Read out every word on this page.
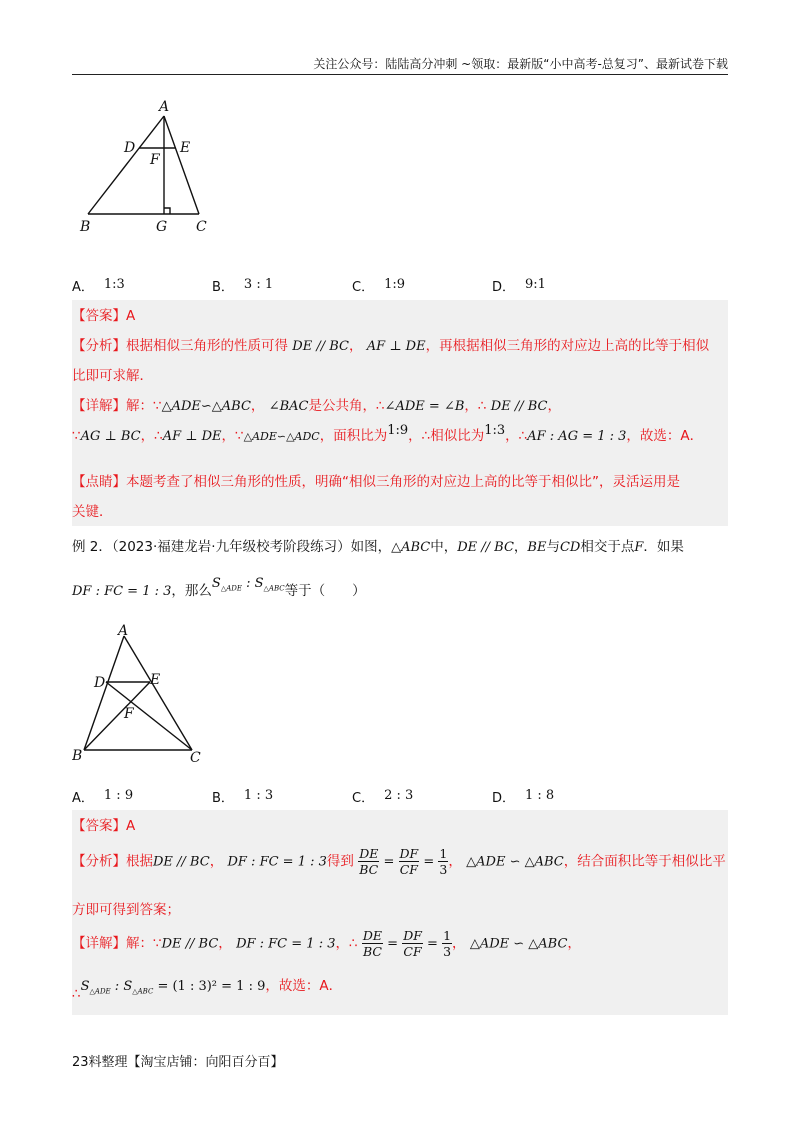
关注公众号：陆陆高分冲刺 ~领取：最新版“小中高考-总复习”、最新试卷下载
A
D	E
F
B	G C
A． 1:3	B． 3 : 1	C． 1:9	D． 9:1
【答案】A
【分析】根据相似三角形的性质可得 DE // BC， AF ⊥ DE，再根据相似三角形的对应边上高的比等于相似
比即可求解．
【详解】解：∵△ADE∽△ABC， ∠BAC是公共角，∴∠ADE = ∠B，∴ DE // BC，
∵AG ⊥ BC，∴AF ⊥ DE，∵△ADE∽△ADC，面积比为1:9，∴相似比为1:3，∴AF : AG = 1 : 3，故选：A．
【点睛】本题考查了相似三角形的性质，明确“相似三角形的对应边上高的比等于相似比”，灵活运用是
关键．
例 2．（2023·福建龙岩·九年级校考阶段练习）如图，△ABC中，DE // BC，BE与CD相交于点F．如果
DF : FC = 1 : 3，那么$S_{\triangle ADE}$ : $S_{\triangle ABC}$等于（　　）
A
D	E
F
B	C
A． 1 : 9	B． 1 : 3	C． 2 : 3	D． 1 : 8
【答案】A
【分析】根据DE // BC， DF : FC = 1 : 3得到 $\frac{DE}{BC} = \frac{DF}{CF} = \frac{1}{3}$ ， △ADE ∽ △ABC，结合面积比等于相似比平
方即可得到答案；
【详解】解：∵DE // BC， DF : FC = 1 : 3，∴ $\frac{DE}{BC} = \frac{DF}{CF} = \frac{1}{3}$ ， △ADE ∽ △ABC，
$\therefore S_{\triangle ADE}$ : $S_{\triangle ABC} = (1$ : 3)² = 1 : 9，故选：A．
23料整理【淘宝店铺：向阳百分百】
